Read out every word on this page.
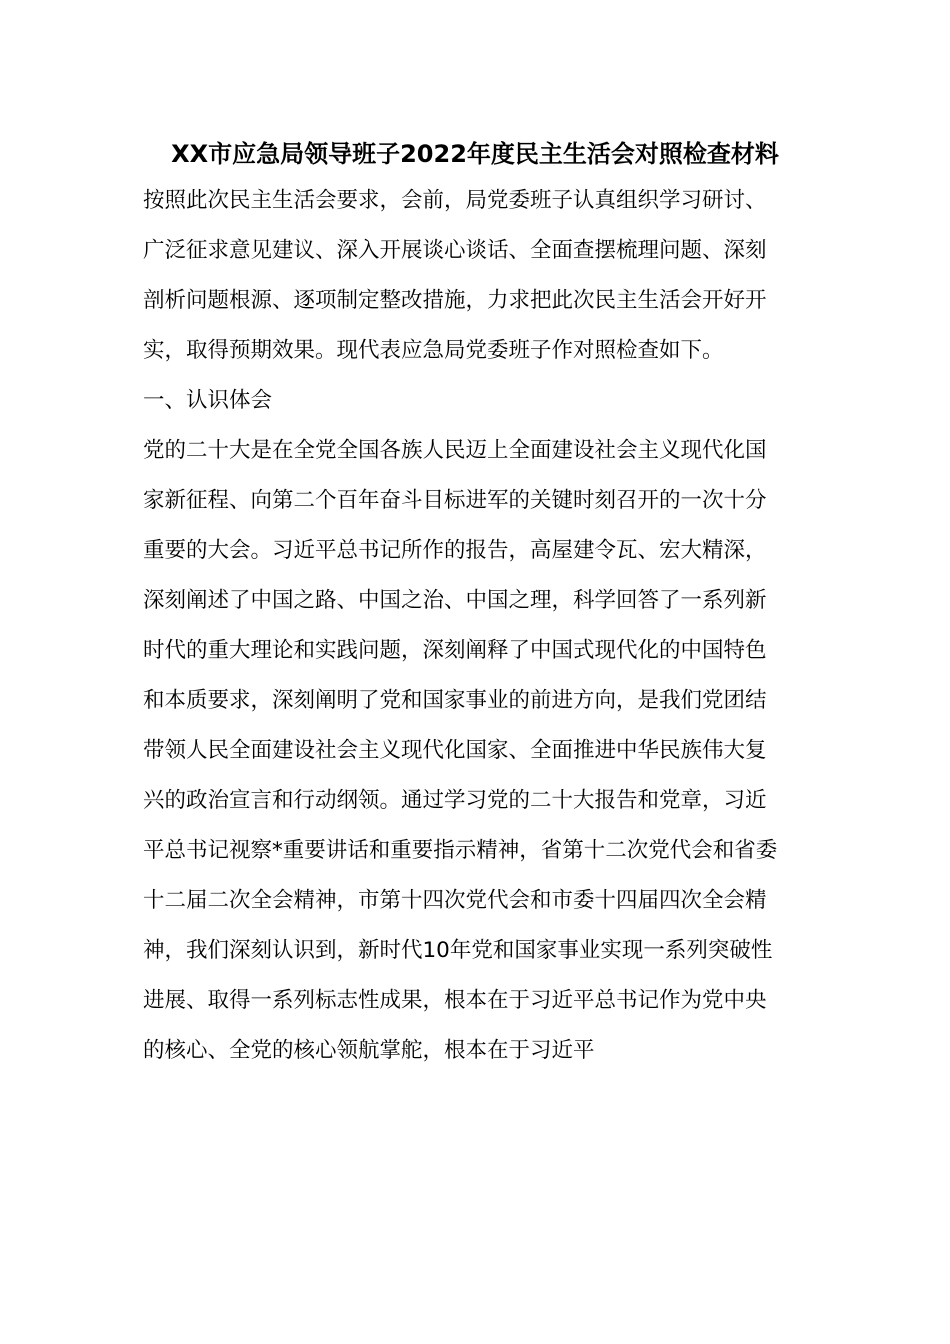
XX市应急局领导班子2022年度民主生活会对照检查材料
按照此次民主生活会要求，会前，局党委班子认真组织学习研讨、
广泛征求意见建议、深入开展谈心谈话、全面查摆梳理问题、深刻
剖析问题根源、逐项制定整改措施，力求把此次民主生活会开好开
实，取得预期效果。现代表应急局党委班子作对照检查如下。
一、认识体会
党的二十大是在全党全国各族人民迈上全面建设社会主义现代化国
家新征程、向第二个百年奋斗目标进军的关键时刻召开的一次十分
重要的大会。习近平总书记所作的报告，高屋建令瓦、宏大精深，
深刻阐述了中国之路、中国之治、中国之理，科学回答了一系列新
时代的重大理论和实践问题，深刻阐释了中国式现代化的中国特色
和本质要求，深刻阐明了党和国家事业的前进方向，是我们党团结
带领人民全面建设社会主义现代化国家、全面推进中华民族伟大复
兴的政治宣言和行动纲领。通过学习党的二十大报告和党章，习近
平总书记视察*重要讲话和重要指示精神，省第十二次党代会和省委
十二届二次全会精神，市第十四次党代会和市委十四届四次全会精
神，我们深刻认识到，新时代10年党和国家事业实现一系列突破性
进展、取得一系列标志性成果，根本在于习近平总书记作为党中央
的核心、全党的核心领航掌舵，根本在于习近平
